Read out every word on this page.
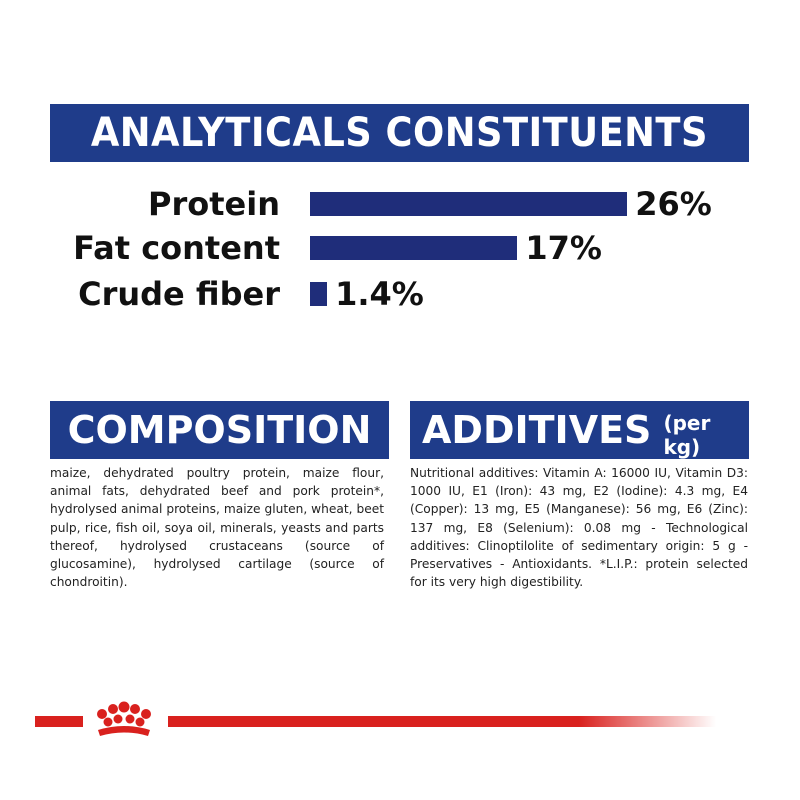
ANALYTICALS CONSTITUENTS
Protein	26%
Fat content	17%
Crude fiber 1.4%
COMPOSITION ADDITIVES (per kg)
maize, dehydrated poultry protein, maize flour, animal fats, dehydrated beef and pork protein*, hydrolysed animal proteins, maize gluten, wheat, beet pulp, rice, fish oil, soya oil, minerals, yeasts and parts thereof, hydrolysed crustaceans (source of glucosamine), hydrolysed cartilage (source of chondroitin).
Nutritional additives: Vitamin A: 16000 IU, Vitamin D3: 1000 IU, E1 (Iron): 43 mg, E2 (Iodine): 4.3 mg, E4 (Copper): 13 mg, E5 (Manganese): 56 mg, E6 (Zinc): 137 mg, E8 (Selenium): 0.08 mg - Technological additives: Clinoptilolite of sedimentary origin: 5 g - Preservatives - Antioxidants. *L.I.P.: protein selected for its very high digestibility.
